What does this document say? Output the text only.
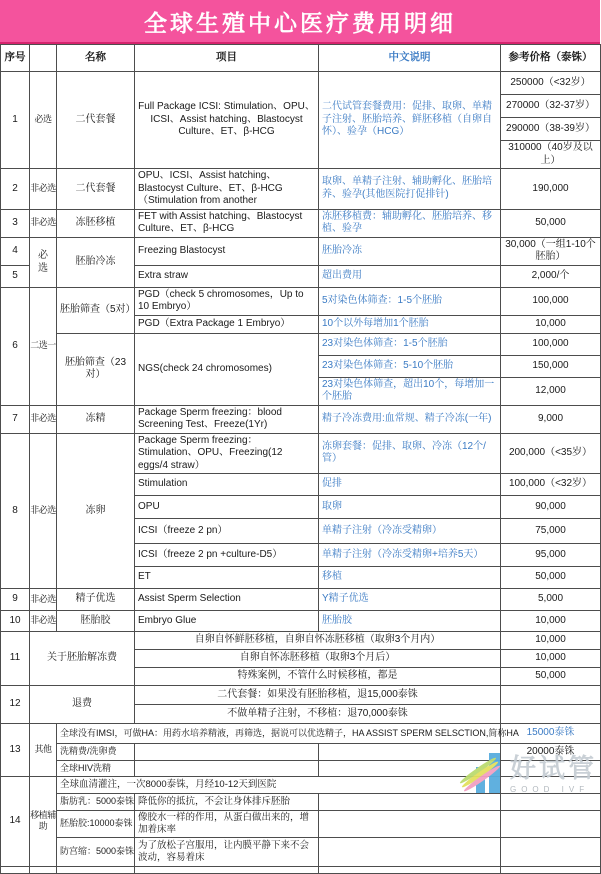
全球生殖中心医疗费用明细
序号		名称	项目	中文说明	参考价格（泰铢）
1	必选	二代套餐	Full Package ICSI: Stimulation、OPU、ICSI、Assist hatching、Blastocyst Culture、ET、β-HCG	二代试管套餐费用：促排、取卵、单精子注射、胚胎培养、鲜胚移植（自卵自怀）、验孕（HCG）	250000（<32岁）
					270000（32-37岁）
					290000（38-39岁）
					310000（40岁及以上）
2	非必选	二代套餐	OPU、ICSI、Assist hatching、Blastocyst Culture、ET、β-HCG（Stimulation from another	取卵、单精子注射、辅助孵化、胚胎培养、验孕(其他医院打促排针)	190,000
3	非必选	冻胚移植	FET with Assist hatching、Blastocyst Culture、ET、β-HCG	冻胚移植费：辅助孵化、胚胎培养、移植、验孕	50,000
4	必选	胚胎冷冻	Freezing Blastocyst	胚胎冷冻	30,000（一组1-10个胚胎）
5			Extra straw	超出费用	2,000/个
6	二选一	胚胎筛查（5对）	PGD（check 5 chromosomes，Up to 10 Embryo）	5对染色体筛查：1-5个胚胎	100,000
			PGD（Extra Package 1 Embryo）	10个以外每增加1个胚胎	10,000
		胚胎筛查（23对）	NGS(check 24 chromosomes)	23对染色体筛查：1-5个胚胎	100,000
				23对染色体筛查：5-10个胚胎	150,000
				23对染色体筛查，超出10个，每增加一个胚胎	12,000
7	非必选	冻精	Package Sperm freezing：blood Screening Test、Freeze(1Yr)	精子冷冻费用:血常规、精子冷冻(一年)	9,000
8	非必选	冻卵	Package Sperm freezing：Stimulation、OPU、Freezing(12 eggs/4 straw）	冻卵套餐：促排、取卵、冷冻（12个/管）	200,000（<35岁）
			Stimulation	促排	100,000（<32岁）
			OPU	取卵	90,000
			ICSI（freeze 2 pn）	单精子注射（冷冻受精卵）	75,000
			ICSI（freeze 2 pn +culture-D5）	单精子注射（冷冻受精卵+培养5天）	95,000
			ET	移植	50,000
9	非必选	精子优选	Assist Sperm Selection	Y精子优选	5,000
10	非必选	胚胎胶	Embryo Glue	胚胎胶	10,000
11	关于胚胎解冻费		自卵自怀鲜胚移植，自卵自怀冻胚移植（取卵3个月内）		10,000
			自卵自怀冻胚移植（取卵3个月后）		10,000
			特殊案例，不管什么时候移植，都是		50,000
12	退费		二代套餐：如果没有胚胎移植，退15,000泰铢		
			不做单精子注射，不移植：退70,000泰铢		
13	其他	全球没有IMSI，可做HA：用药水培养精液，再筛选，据说可以优选精子，HA ASSIST SPERM SELSCTION,简称HA			15000泰铢
		洗精费/洗卵费			20000泰铢
		全球HIV洗精			
14	移植辅助	全球血清灌注，一次8000泰铢，月经10-12天到医院			
		脂肪乳：5000泰铢	降低你的抵抗，不会让身体排斥胚胎		
		胚胎胶:10000泰铢	像胶水一样的作用，从蛋白做出来的，增加着床率		
		防宫缩：5000泰铢	为了放松子宫服用，让内膜平静下来不会波动，容易着床		

好试管
GOOD IVF
